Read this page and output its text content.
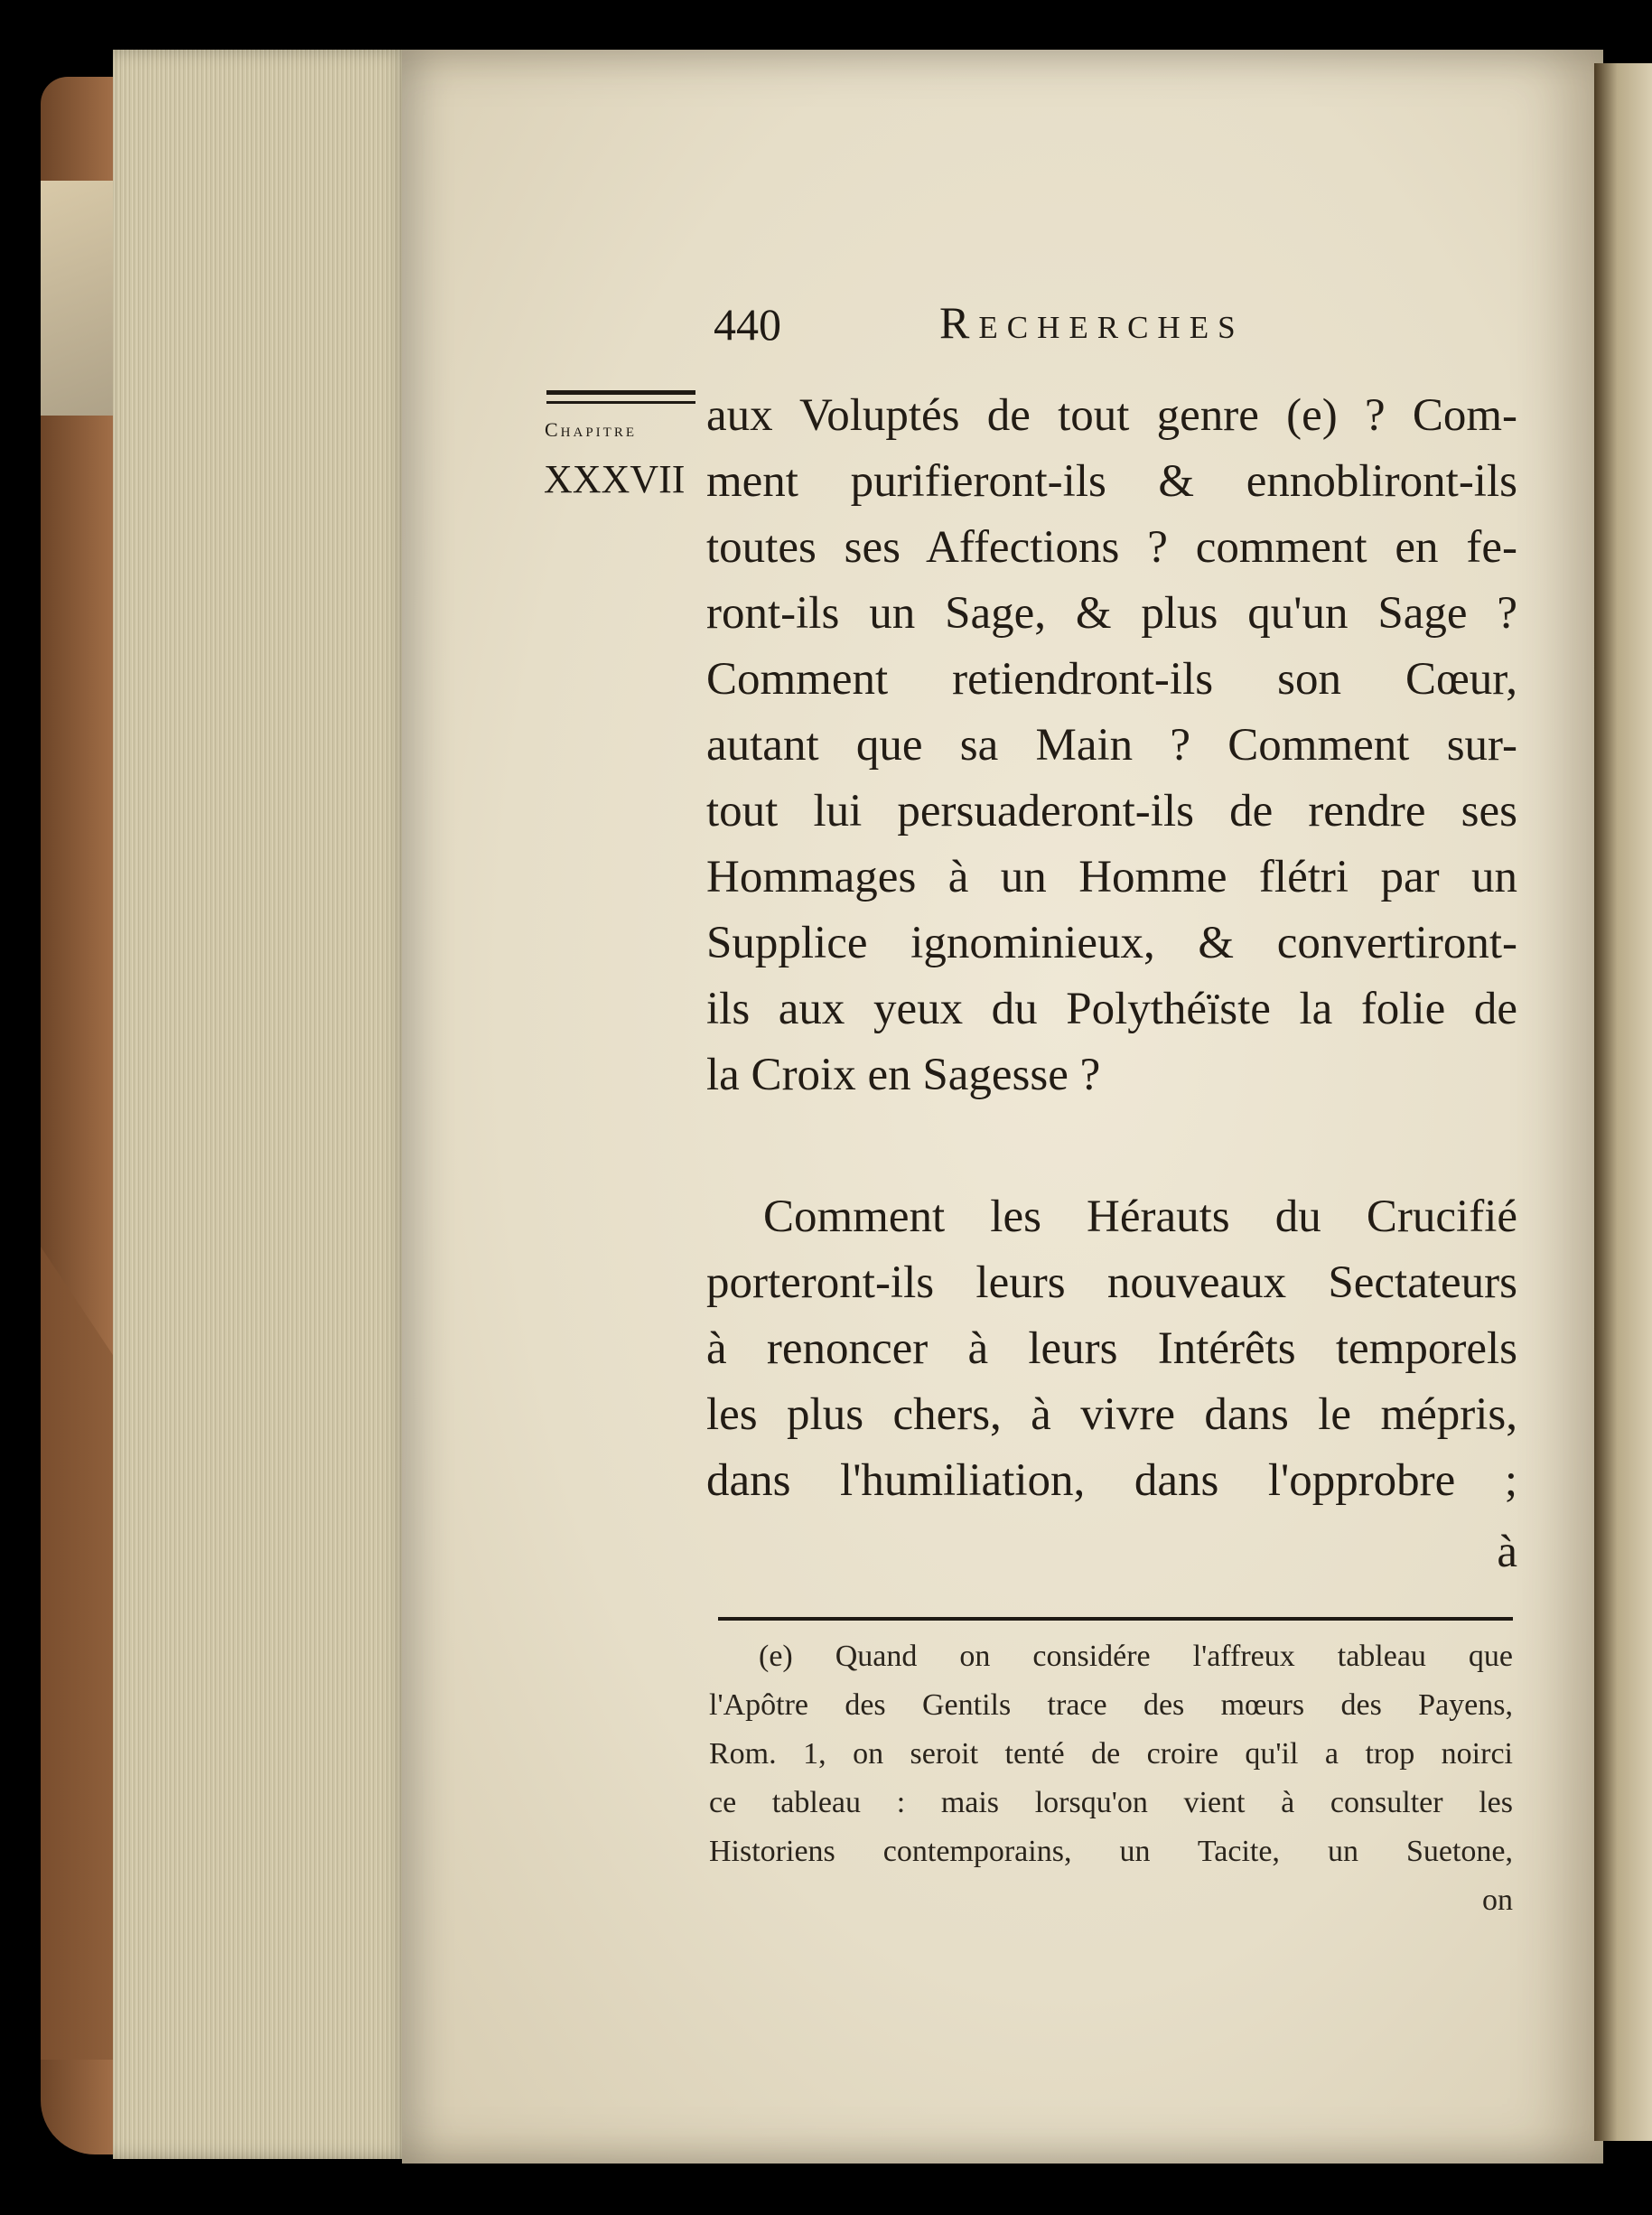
440	Recherches
Chapitre
XXXVII
aux Voluptés de tout genre (e) ? Com-
ment purifieront-ils & ennobliront-ils
toutes ses Affections ? comment en fe-
ront-ils un Sage, & plus qu'un Sage ?
Comment retiendront-ils son Cœur,
autant que sa Main ? Comment sur-
tout lui persuaderont-ils de rendre ses
Hommages à un Homme flétri par un
Supplice ignominieux, & convertiront-
ils aux yeux du Polythéïste la folie de
la Croix en Sagesse ?
Comment les Hérauts du Crucifié
porteront-ils leurs nouveaux Sectateurs
à renoncer à leurs Intérêts temporels
les plus chers, à vivre dans le mépris,
dans l'humiliation, dans l'opprobre ;
à
(e) Quand on considére l'affreux tableau que
l'Apôtre des Gentils trace des mœurs des Payens,
Rom. 1, on seroit tenté de croire qu'il a trop noirci
ce tableau : mais lorsqu'on vient à consulter les
Historiens contemporains, un Tacite, un Suetone,
on
